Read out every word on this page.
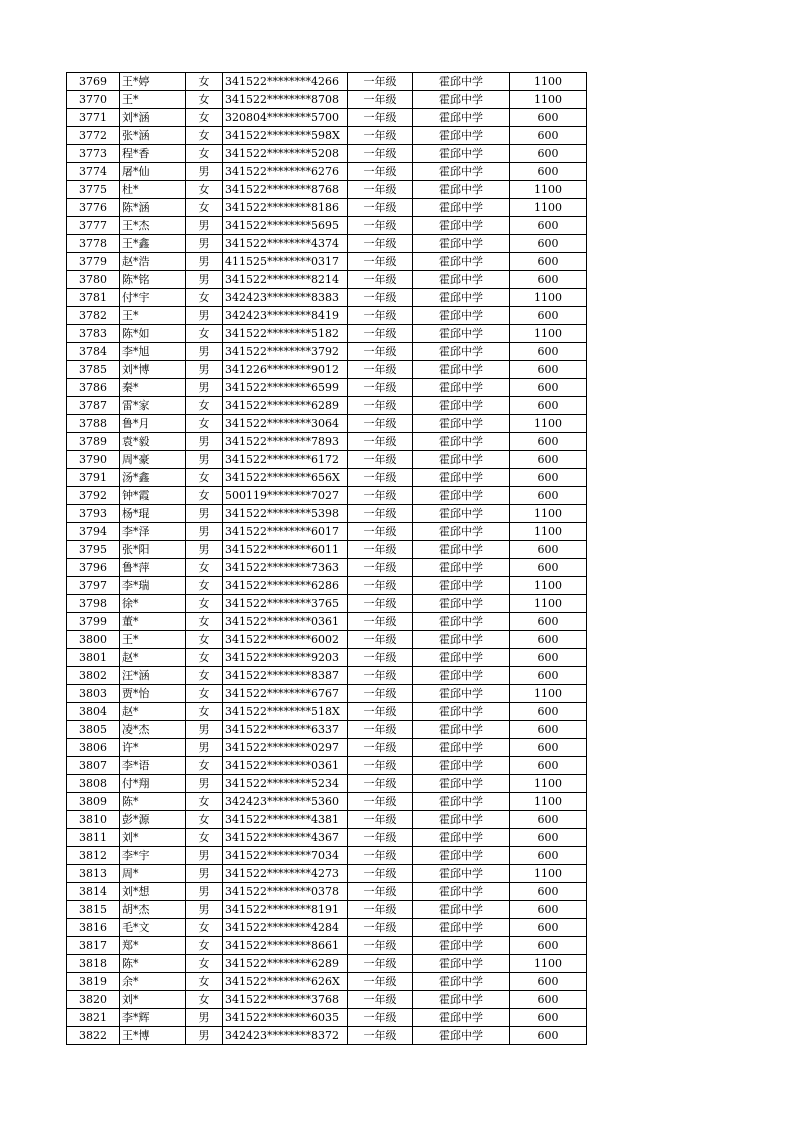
3769	王*婷	女	341522********4266	一年级	霍邱中学	1100
3770	王*	女	341522********8708	一年级	霍邱中学	1100
3771	刘*涵	女	320804********5700	一年级	霍邱中学	600
3772	张*涵	女	341522********598X	一年级	霍邱中学	600
3773	程*香	女	341522********5208	一年级	霍邱中学	600
3774	屠*仙	男	341522********6276	一年级	霍邱中学	600
3775	杜*	女	341522********8768	一年级	霍邱中学	1100
3776	陈*涵	女	341522********8186	一年级	霍邱中学	1100
3777	王*杰	男	341522********5695	一年级	霍邱中学	600
3778	王*鑫	男	341522********4374	一年级	霍邱中学	600
3779	赵*浩	男	411525********0317	一年级	霍邱中学	600
3780	陈*铭	男	341522********8214	一年级	霍邱中学	600
3781	付*宇	女	342423********8383	一年级	霍邱中学	1100
3782	王*	男	342423********8419	一年级	霍邱中学	600
3783	陈*如	女	341522********5182	一年级	霍邱中学	1100
3784	李*旭	男	341522********3792	一年级	霍邱中学	600
3785	刘*博	男	341226********9012	一年级	霍邱中学	600
3786	秦*	男	341522********6599	一年级	霍邱中学	600
3787	雷*家	女	341522********6289	一年级	霍邱中学	600
3788	鲁*月	女	341522********3064	一年级	霍邱中学	1100
3789	袁*毅	男	341522********7893	一年级	霍邱中学	600
3790	周*豪	男	341522********6172	一年级	霍邱中学	600
3791	汤*鑫	女	341522********656X	一年级	霍邱中学	600
3792	钟*霞	女	500119********7027	一年级	霍邱中学	600
3793	杨*琨	男	341522********5398	一年级	霍邱中学	1100
3794	李*泽	男	341522********6017	一年级	霍邱中学	1100
3795	张*阳	男	341522********6011	一年级	霍邱中学	600
3796	鲁*萍	女	341522********7363	一年级	霍邱中学	600
3797	李*瑞	女	341522********6286	一年级	霍邱中学	1100
3798	徐*	女	341522********3765	一年级	霍邱中学	1100
3799	董*	女	341522********0361	一年级	霍邱中学	600
3800	王*	女	341522********6002	一年级	霍邱中学	600
3801	赵*	女	341522********9203	一年级	霍邱中学	600
3802	汪*涵	女	341522********8387	一年级	霍邱中学	600
3803	贾*怡	女	341522********6767	一年级	霍邱中学	1100
3804	赵*	女	341522********518X	一年级	霍邱中学	600
3805	凌*杰	男	341522********6337	一年级	霍邱中学	600
3806	许*	男	341522********0297	一年级	霍邱中学	600
3807	李*语	女	341522********0361	一年级	霍邱中学	600
3808	付*翔	男	341522********5234	一年级	霍邱中学	1100
3809	陈*	女	342423********5360	一年级	霍邱中学	1100
3810	彭*源	女	341522********4381	一年级	霍邱中学	600
3811	刘*	女	341522********4367	一年级	霍邱中学	600
3812	李*宇	男	341522********7034	一年级	霍邱中学	600
3813	周*	男	341522********4273	一年级	霍邱中学	1100
3814	刘*想	男	341522********0378	一年级	霍邱中学	600
3815	胡*杰	男	341522********8191	一年级	霍邱中学	600
3816	毛*文	女	341522********4284	一年级	霍邱中学	600
3817	郑*	女	341522********8661	一年级	霍邱中学	600
3818	陈*	女	341522********6289	一年级	霍邱中学	1100
3819	余*	女	341522********626X	一年级	霍邱中学	600
3820	刘*	女	341522********3768	一年级	霍邱中学	600
3821	李*辉	男	341522********6035	一年级	霍邱中学	600
3822	王*博	男	342423********8372	一年级	霍邱中学	600
